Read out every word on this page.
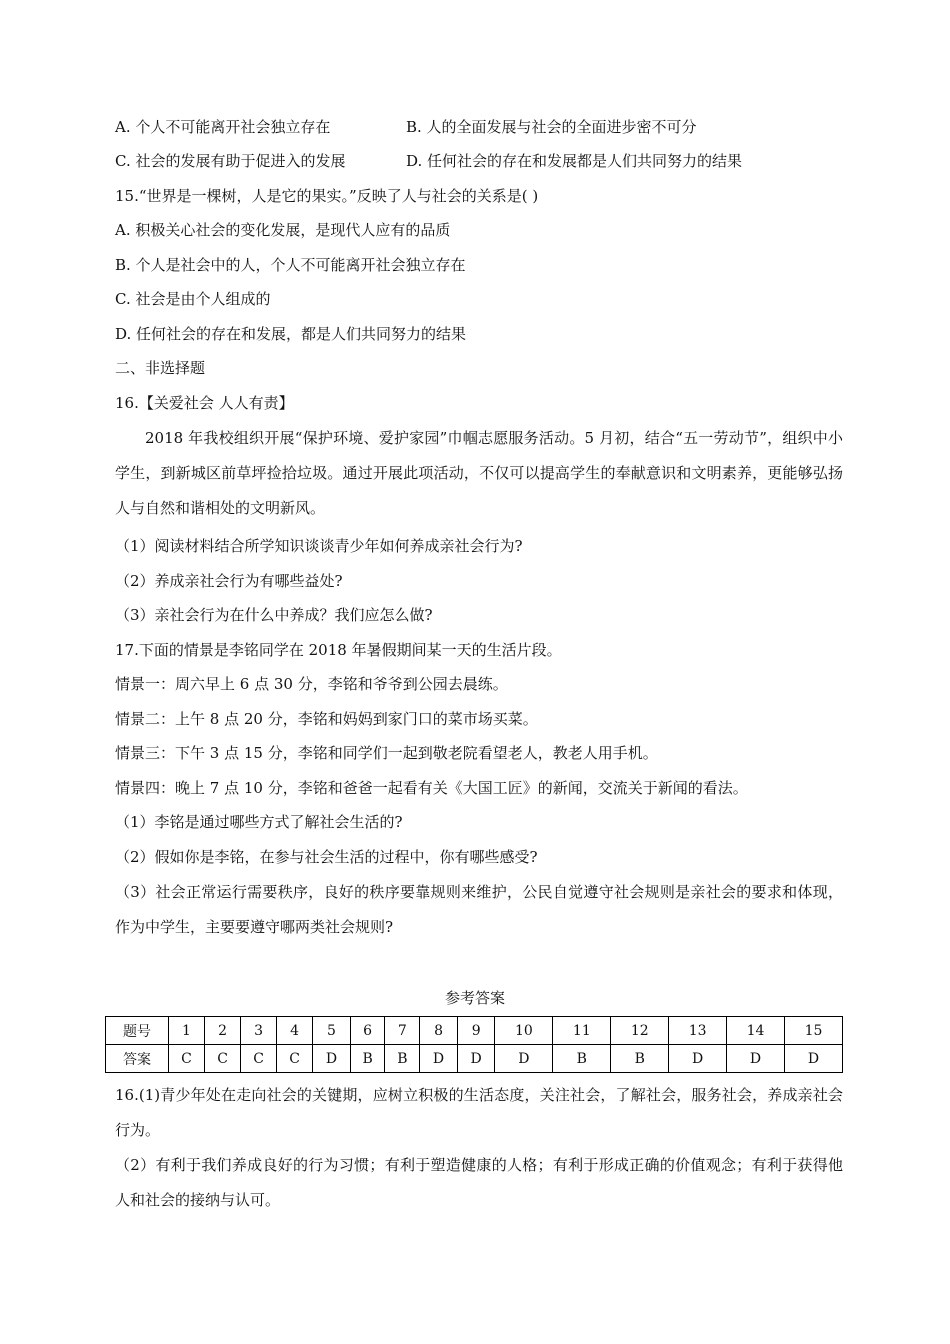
A. 个人不可能离开社会独立存在	B. 人的全面发展与社会的全面进步密不可分
C. 社会的发展有助于促进入的发展	D. 任何社会的存在和发展都是人们共同努力的结果
15.“世界是一棵树，人是它的果实。”反映了人与社会的关系是( )
A. 积极关心社会的变化发展，是现代人应有的品质
B. 个人是社会中的人，个人不可能离开社会独立存在
C. 社会是由个人组成的
D. 任何社会的存在和发展，都是人们共同努力的结果
二、非选择题
16.【关爱社会 人人有责】
2018 年我校组织开展“保护环境、爱护家园”巾帼志愿服务活动。5 月初，结合“五一劳动节”，组织中小学生，到新城区前草坪捡拾垃圾。通过开展此项活动，不仅可以提高学生的奉献意识和文明素养，更能够弘扬人与自然和谐相处的文明新风。
（1）阅读材料结合所学知识谈谈青少年如何养成亲社会行为?
（2）养成亲社会行为有哪些益处?
（3）亲社会行为在什么中养成？我们应怎么做?
17.下面的情景是李铭同学在 2018 年暑假期间某一天的生活片段。
情景一：周六早上 6 点 30 分，李铭和爷爷到公园去晨练。
情景二：上午 8 点 20 分，李铭和妈妈到家门口的菜市场买菜。
情景三：下午 3 点 15 分，李铭和同学们一起到敬老院看望老人，教老人用手机。
情景四：晚上 7 点 10 分，李铭和爸爸一起看有关《大国工匠》的新闻，交流关于新闻的看法。
（1）李铭是通过哪些方式了解社会生活的?
（2）假如你是李铭，在参与社会生活的过程中，你有哪些感受?
（3）社会正常运行需要秩序，良好的秩序要靠规则来维护，公民自觉遵守社会规则是亲社会的要求和体现，作为中学生，主要要遵守哪两类社会规则?
参考答案
题号	1	2	3	4	5	6	7	8	9	10	11	12	13	14	15
答案	C	C	C	C	D	B	B	D	D	D	B	B	D	D	D
16.(1)青少年处在走向社会的关键期，应树立积极的生活态度，关注社会，了解社会，服务社会，养成亲社会行为。
（2）有利于我们养成良好的行为习惯；有利于塑造健康的人格；有利于形成正确的价值观念；有利于获得他人和社会的接纳与认可。
